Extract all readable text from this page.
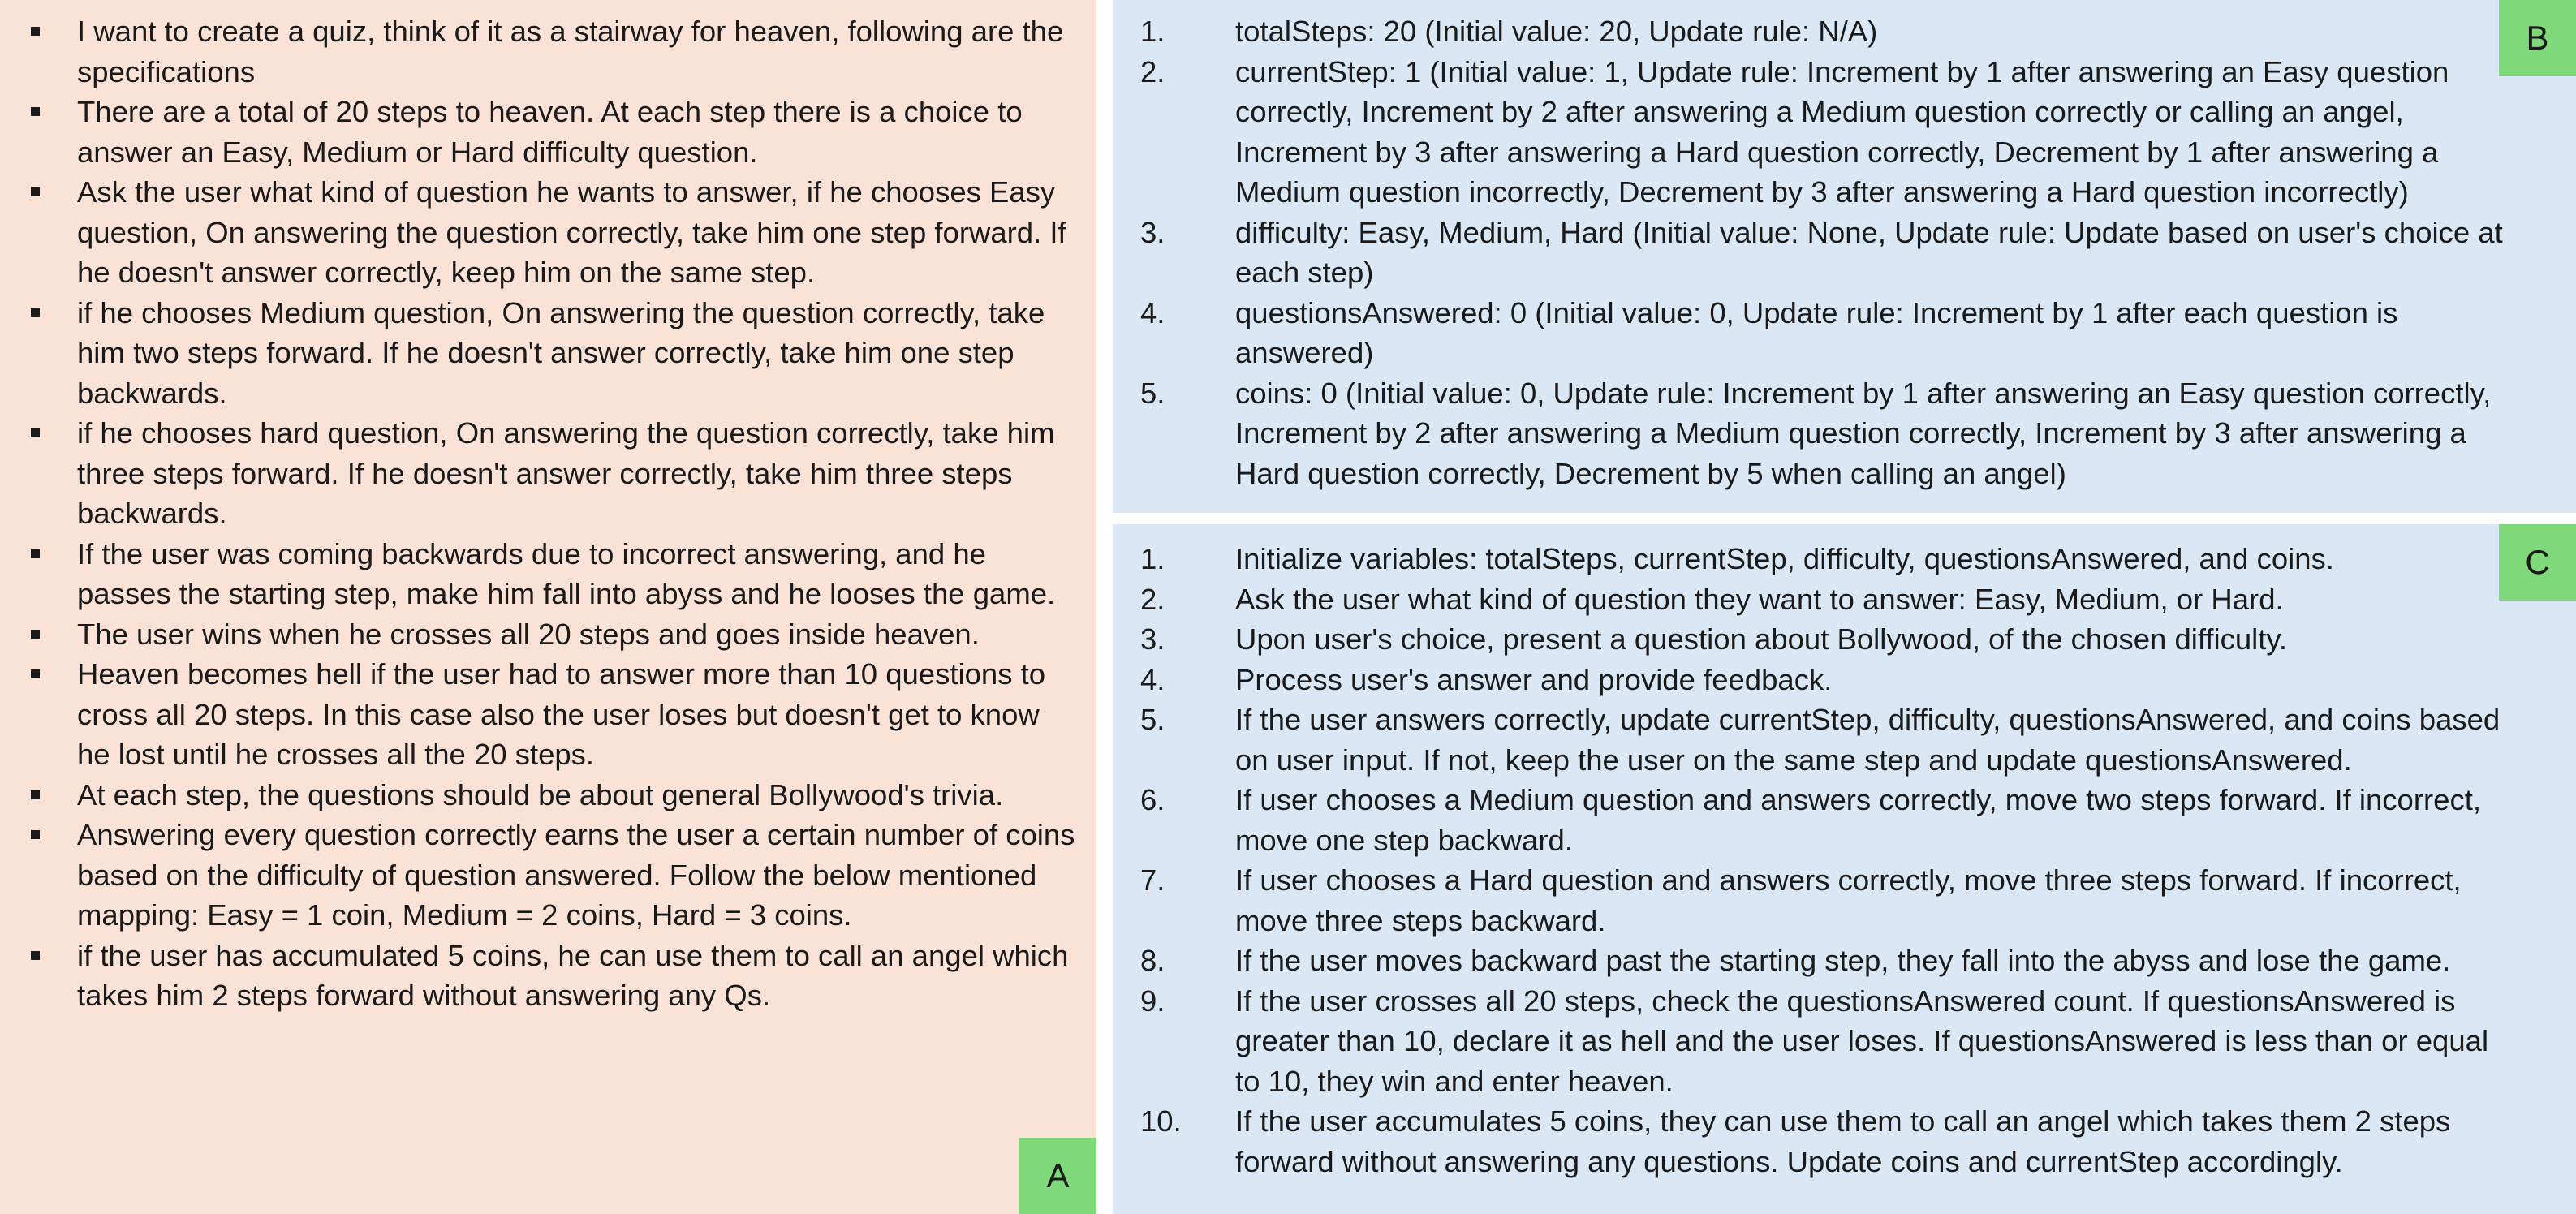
I want to create a quiz, think of it as a stairway for heaven, following are the specifications
There are a total of 20 steps to heaven. At each step there is a choice to answer an Easy, Medium or Hard difficulty question.
Ask the user what kind of question he wants to answer, if he chooses Easy question, On answering the question correctly, take him one step forward. If he doesn't answer correctly, keep him on the same step.
if he chooses Medium question, On answering the question correctly, take him two steps forward. If he doesn't answer correctly, take him one step backwards.
if he chooses hard question, On answering the question correctly, take him three steps forward. If he doesn't answer correctly, take him three steps backwards.
If the user was coming backwards due to incorrect answering, and he passes the starting step, make him fall into abyss and he looses the game.
The user wins when he crosses all 20 steps and goes inside heaven.
Heaven becomes hell if the user had to answer more than 10 questions to cross all 20 steps. In this case also the user loses but doesn't get to know he lost until he crosses all the 20 steps.
At each step, the questions should be about general Bollywood's trivia.
Answering every question correctly earns the user a certain number of coins based on the difficulty of question answered. Follow the below mentioned mapping: Easy = 1 coin, Medium = 2 coins, Hard = 3 coins.
if the user has accumulated 5 coins, he can use them to call an angel which takes him 2 steps forward without answering any Qs.
A
1. totalSteps: 20 (Initial value: 20, Update rule: N/A)
2. currentStep: 1 (Initial value: 1, Update rule: Increment by 1 after answering an Easy question correctly, Increment by 2 after answering a Medium question correctly or calling an angel, Increment by 3 after answering a Hard question correctly, Decrement by 1 after answering a Medium question incorrectly, Decrement by 3 after answering a Hard question incorrectly)
3. difficulty: Easy, Medium, Hard (Initial value: None, Update rule: Update based on user's choice at each step)
4. questionsAnswered: 0 (Initial value: 0, Update rule: Increment by 1 after each question is answered)
5. coins: 0 (Initial value: 0, Update rule: Increment by 1 after answering an Easy question correctly, Increment by 2 after answering a Medium question correctly, Increment by 3 after answering a Hard question correctly, Decrement by 5 when calling an angel)
B
1. Initialize variables: totalSteps, currentStep, difficulty, questionsAnswered, and coins.
2. Ask the user what kind of question they want to answer: Easy, Medium, or Hard.
3. Upon user's choice, present a question about Bollywood, of the chosen difficulty.
4. Process user's answer and provide feedback.
5. If the user answers correctly, update currentStep, difficulty, questionsAnswered, and coins based on user input. If not, keep the user on the same step and update questionsAnswered.
6. If user chooses a Medium question and answers correctly, move two steps forward. If incorrect, move one step backward.
7. If user chooses a Hard question and answers correctly, move three steps forward. If incorrect, move three steps backward.
8. If the user moves backward past the starting step, they fall into the abyss and lose the game.
9. If the user crosses all 20 steps, check the questionsAnswered count. If questionsAnswered is greater than 10, declare it as hell and the user loses. If questionsAnswered is less than or equal to 10, they win and enter heaven.
10. If the user accumulates 5 coins, they can use them to call an angel which takes them 2 steps forward without answering any questions. Update coins and currentStep accordingly.
C
